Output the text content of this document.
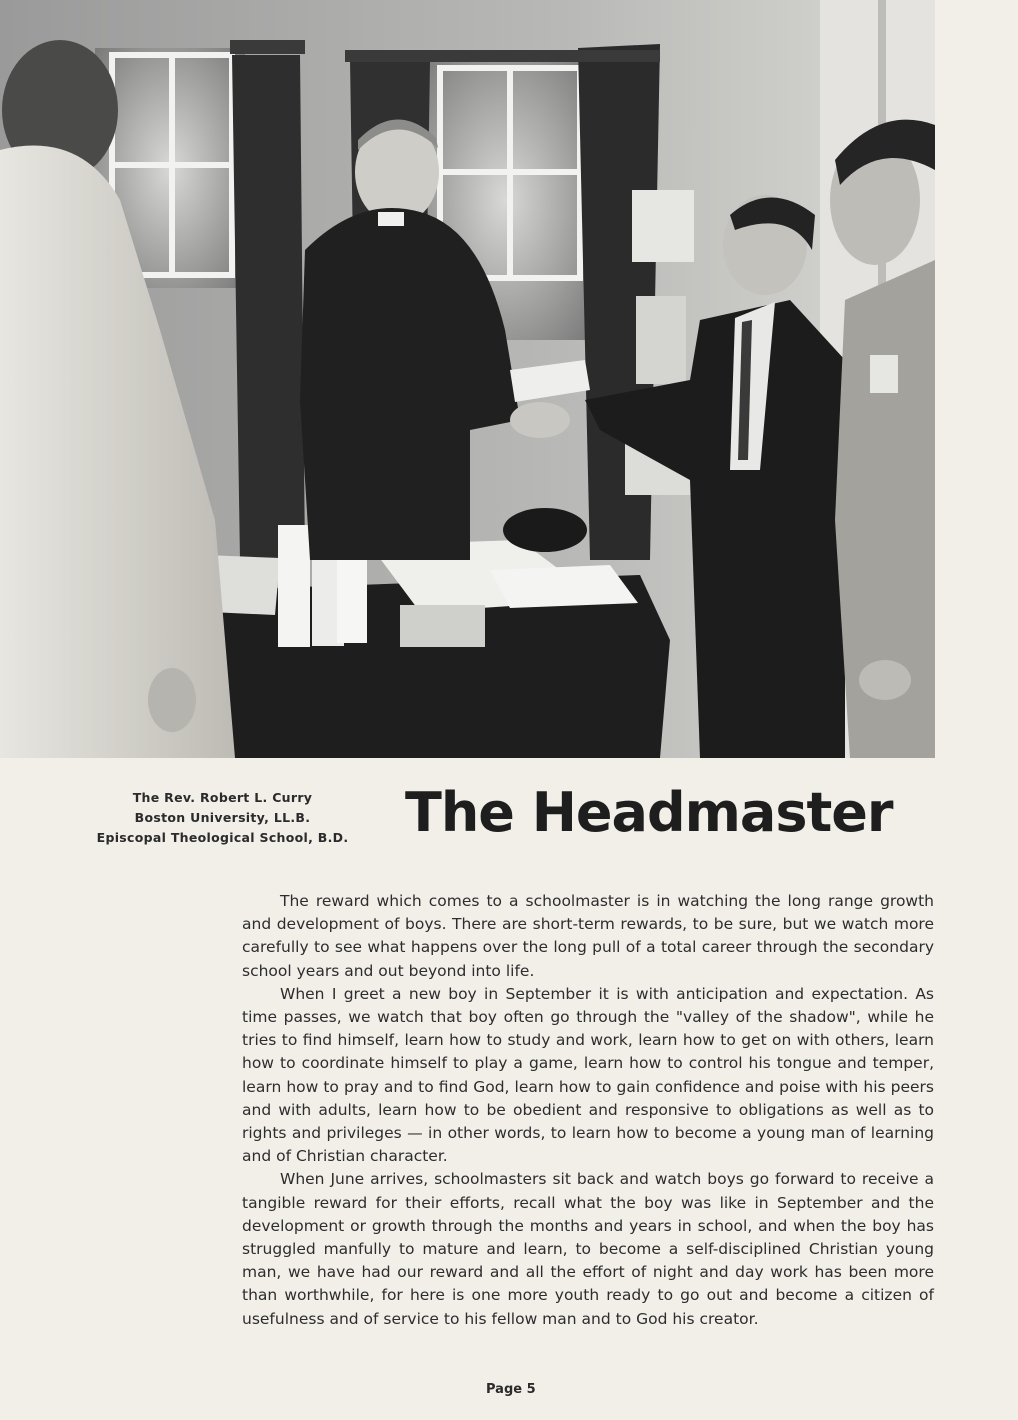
The Rev. Robert L. Curry
Boston University, LL.B.
Episcopal Theological School, B.D.	The Headmaster

The reward which comes to a schoolmaster is in watching the long range growth and development of boys. There are short-term rewards, to be sure, but we watch more carefully to see what happens over the long pull of a total career through the secondary school years and out beyond into life.

When I greet a new boy in September it is with anticipation and expectation. As time passes, we watch that boy often go through the "valley of the shadow", while he tries to find himself, learn how to study and work, learn how to get on with others, learn how to coordinate himself to play a game, learn how to control his tongue and temper, learn how to pray and to find God, learn how to gain confidence and poise with his peers and with adults, learn how to be obedient and responsive to obligations as well as to rights and privileges — in other words, to learn how to become a young man of learning and of Christian character.

When June arrives, schoolmasters sit back and watch boys go forward to receive a tangible reward for their efforts, recall what the boy was like in September and the development or growth through the months and years in school, and when the boy has struggled manfully to mature and learn, to become a self-disciplined Christian young man, we have had our reward and all the effort of night and day work has been more than worthwhile, for here is one more youth ready to go out and become a citizen of usefulness and of service to his fellow man and to God his creator.

Page 5
